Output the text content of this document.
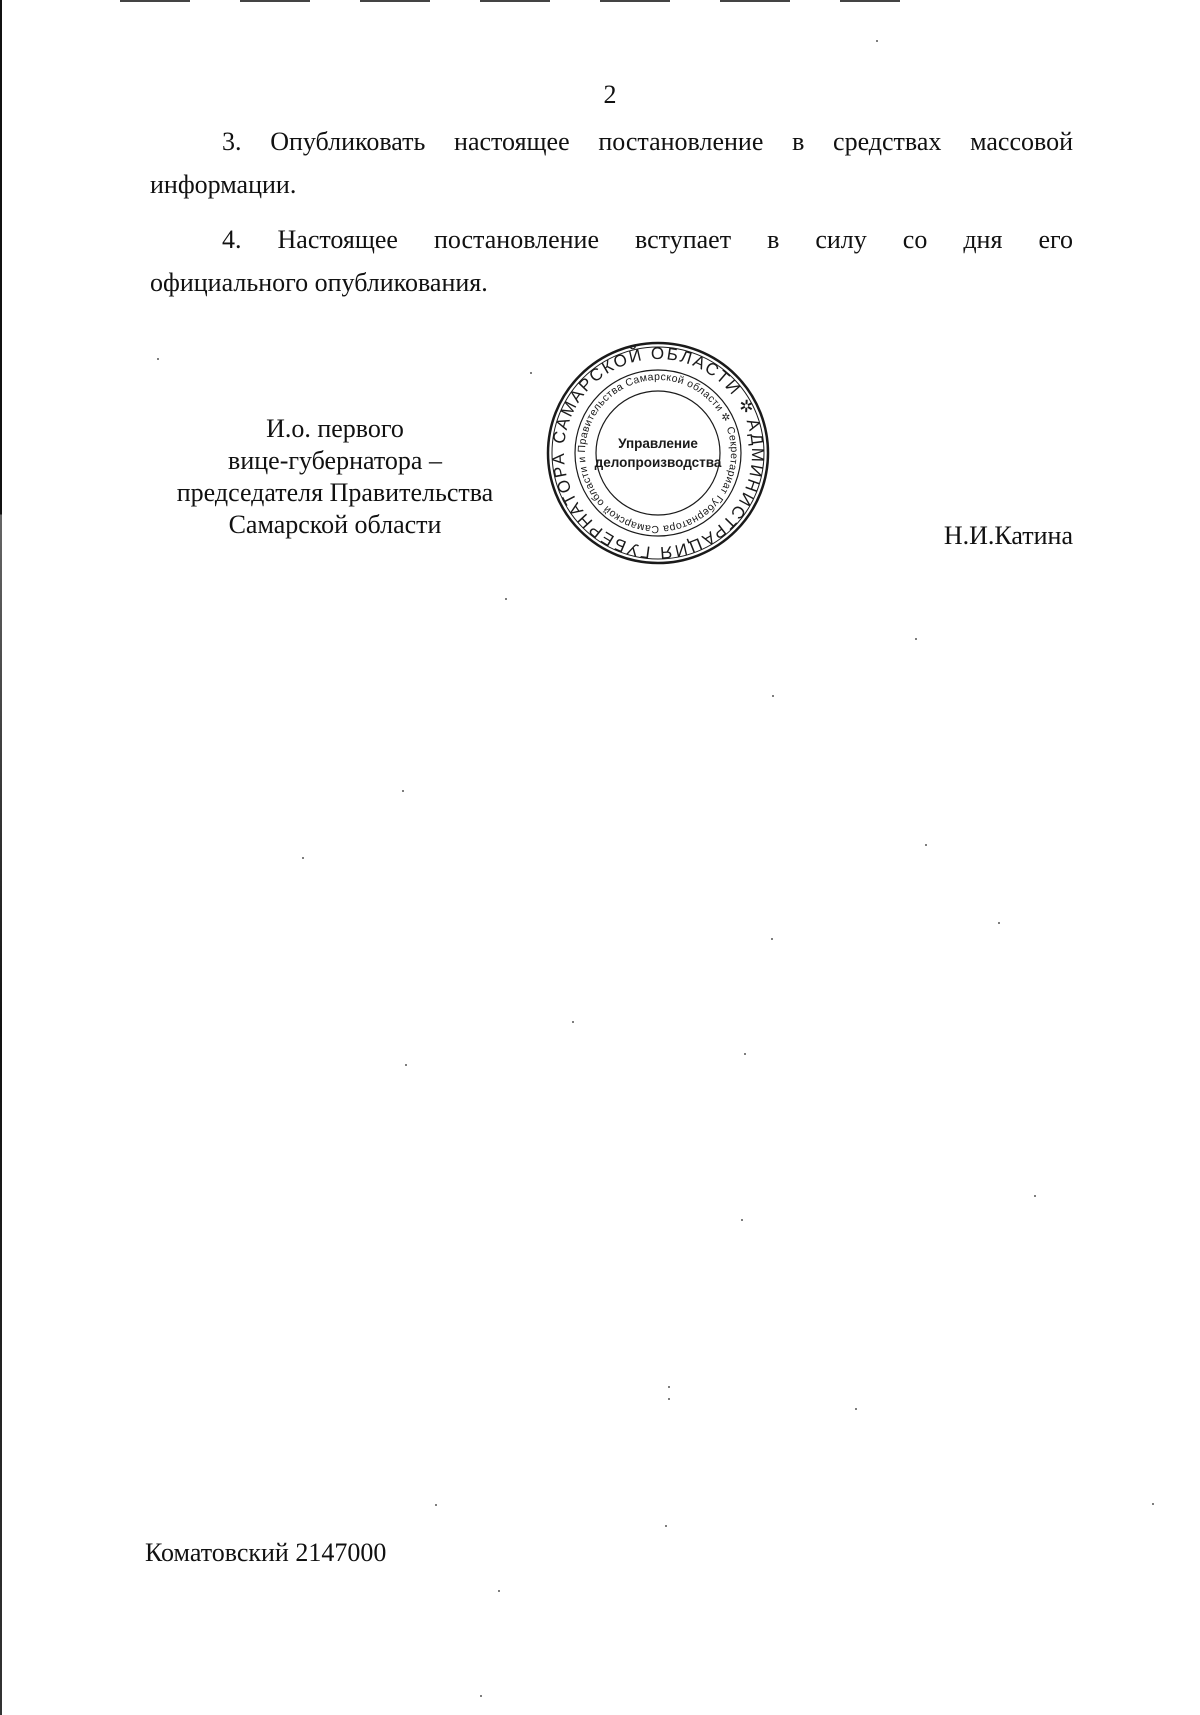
2

3. Опубликовать настоящее постановление в средствах массовой
информации.

4. Настоящее постановление вступает в силу со дня его
официального опубликования.

И.о. первого
вице-губернатора –
председателя Правительства
Самарской области
АДМИНИСТРАЦИЯ ГУБЕРНАТОРА САМАРСКОЙ ОБЛАСТИ ✲
Секретариат Губернатора Самарской области и Правительства Самарской области ✲
Управление
делопроизводства
Н.И.Катина
Коматовский 2147000
